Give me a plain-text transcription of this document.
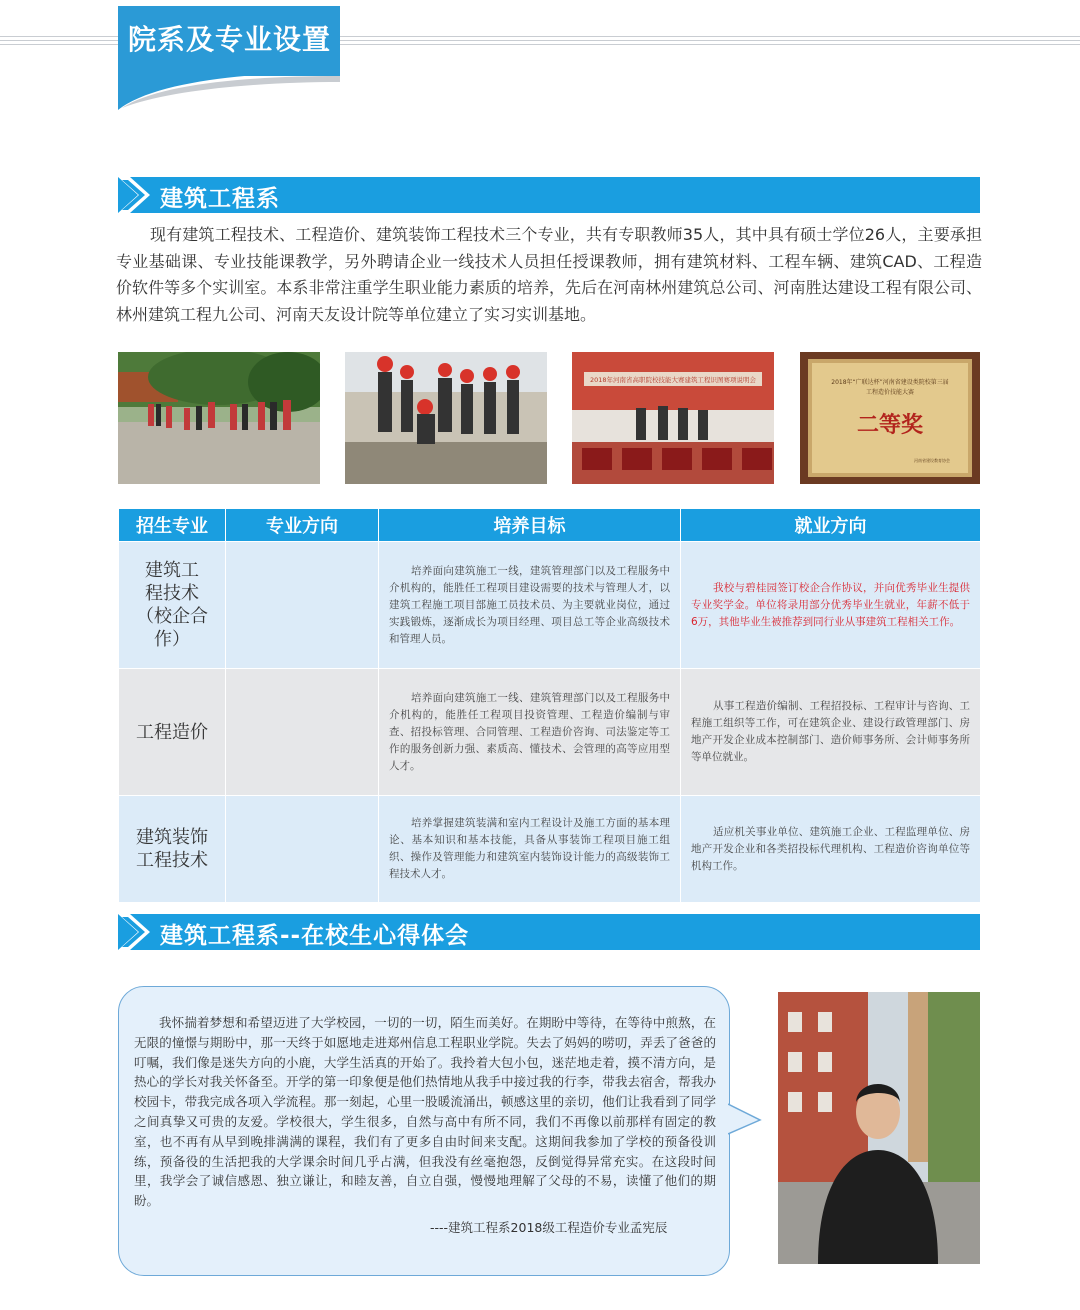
院系及专业设置
建筑工程系
现有建筑工程技术、工程造价、建筑装饰工程技术三个专业，共有专职教师35人，其中具有硕士学位26人，主要承担专业基础课、专业技能课教学，另外聘请企业一线技术人员担任授课教师，拥有建筑材料、工程车辆、建筑CAD、工程造价软件等多个实训室。本系非常注重学生职业能力素质的培养，先后在河南林州建筑总公司、河南胜达建设工程有限公司、林州建筑工程九公司、河南天友设计院等单位建立了实习实训基地。
2018年河南省高职院校技能大赛建筑工程识图赛项说明会	2018年“广联达杯”河南省建设类院校第三届
工程造价技能大赛
二等奖
河南省建设教育协会
招生专业	专业方向	培养目标	就业方向

建筑工
程技术
（校企合作）		培养面向建筑施工一线，建筑管理部门以及工程服务中介机构的，能胜任工程项目建设需要的技术与管理人才，以建筑工程施工项目部施工员技术员、为主要就业岗位，通过实践锻炼，逐渐成长为项目经理、项目总工等企业高级技术和管理人员。	我校与碧桂园签订校企合作协议，并向优秀毕业生提供专业奖学金。单位将录用部分优秀毕业生就业，年薪不低于6万，其他毕业生被推荐到同行业从事建筑工程相关工作。

工程造价		培养面向建筑施工一线、建筑管理部门以及工程服务中介机构的，能胜任工程项目投资管理、工程造价编制与审查、招投标管理、合同管理、工程造价咨询、司法鉴定等工作的服务创新力强、素质高、懂技术、会管理的高等应用型人才。	从事工程造价编制、工程招投标、工程审计与咨询、工程施工组织等工作，可在建筑企业、建设行政管理部门、房地产开发企业成本控制部门、造价师事务所、会计师事务所等单位就业。

建筑装饰
工程技术		培养掌握建筑装满和室内工程设计及施工方面的基本理论、基本知识和基本技能，具备从事装饰工程项目施工组织、操作及管理能力和建筑室内装饰设计能力的高级装饰工程技术人才。	适应机关事业单位、建筑施工企业、工程监理单位、房地产开发企业和各类招投标代理机构、工程造价咨询单位等机构工作。
建筑工程系--在校生心得体会
我怀揣着梦想和希望迈进了大学校园，一切的一切，陌生而美好。在期盼中等待，在等待中煎熬，在无限的憧憬与期盼中，那一天终于如愿地走进郑州信息工程职业学院。失去了妈妈的唠叨，弄丢了爸爸的叮嘱，我们像是迷失方向的小鹿，大学生活真的开始了。我拎着大包小包，迷茫地走着，摸不清方向，是热心的学长对我关怀备至。开学的第一印象便是他们热情地从我手中接过我的行李，带我去宿舍，帮我办校园卡，带我完成各项入学流程。那一刻起，心里一股暖流涌出，顿感这里的亲切，他们让我看到了同学之间真挚又可贵的友爱。学校很大，学生很多，自然与高中有所不同，我们不再像以前那样有固定的教室，也不再有从早到晚排满满的课程，我们有了更多自由时间来支配。这期间我参加了学校的预备役训练，预备役的生活把我的大学课余时间几乎占满，但我没有丝毫抱怨，反倒觉得异常充实。在这段时间里，我学会了诚信感恩、独立谦让，和睦友善，自立自强，慢慢地理解了父母的不易，读懂了他们的期盼。
----建筑工程系2018级工程造价专业孟宪辰
